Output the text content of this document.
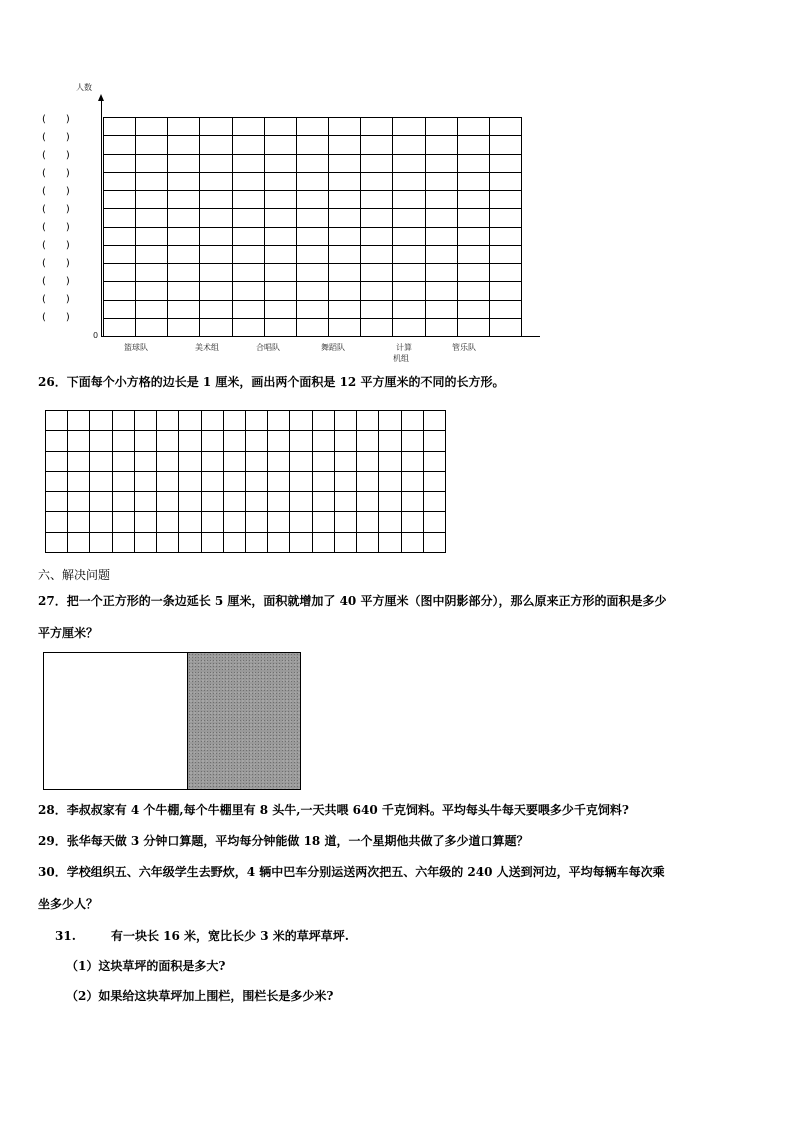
人数
0
(　　)
(　　)
(　　)
(　　)
(　　)
(　　)
(　　)
(　　)
(　　)
(　　)
(　　)
(　　)
篮球队	美术组	合唱队	舞蹈队	计算
机组
管乐队
26．下面每个小方格的边长是 1 厘米，画出两个面积是 12 平方厘米的不同的长方形。
六、解决问题
27．把一个正方形的一条边延长 5 厘米，面积就增加了 40 平方厘米（图中阴影部分），那么原来正方形的面积是多少
平方厘米？
28．李叔叔家有 4 个牛棚,每个牛棚里有 8 头牛,一天共喂 640 千克饲料。平均每头牛每天要喂多少千克饲料?
29．张华每天做 3 分钟口算题，平均每分钟能做 18 道，一个星期他共做了多少道口算题？
30．学校组织五、六年级学生去野炊，4 辆中巴车分别运送两次把五、六年级的 240 人送到河边，平均每辆车每次乘
坐多少人？
31.	有一块长 16 米，宽比长少 3 米的草坪草坪.
（1）这块草坪的面积是多大?
（2）如果给这块草坪加上围栏，围栏长是多少米?
